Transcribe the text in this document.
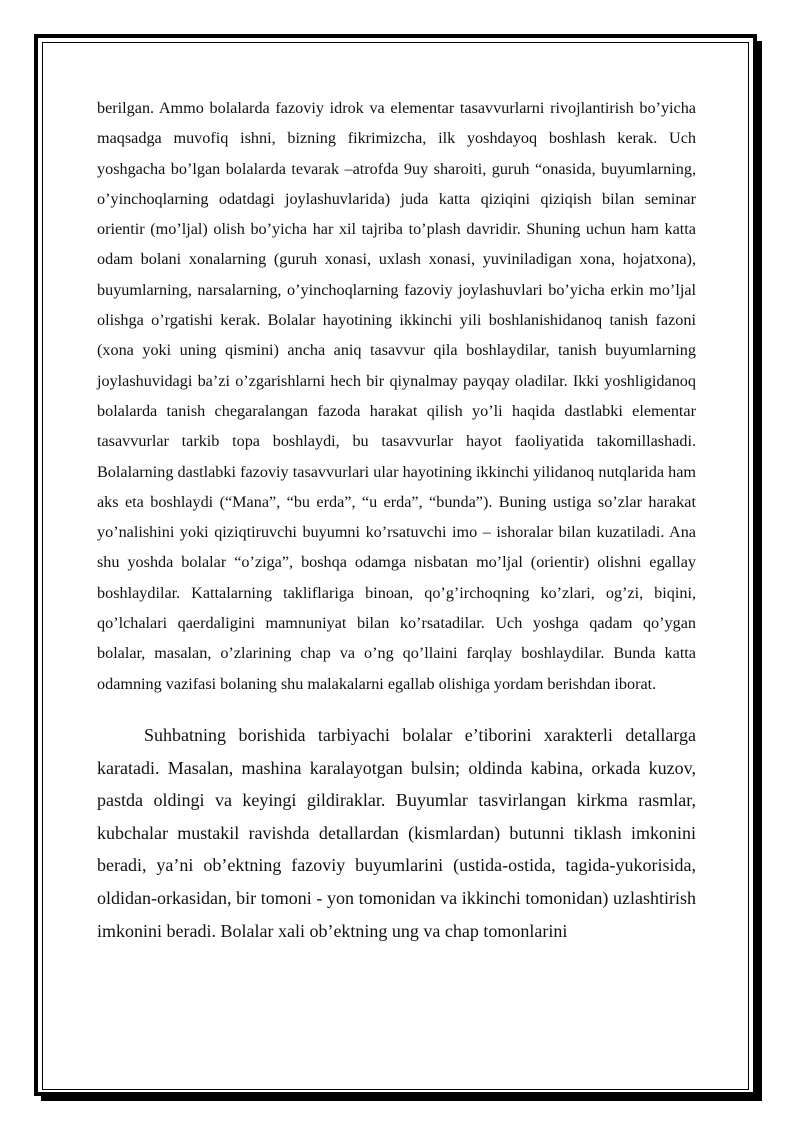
berilgan. Ammo bolalarda fazoviy idrok va elementar tasavvurlarni rivojlantirish bo’yicha maqsadga muvofiq ishni, bizning fikrimizcha, ilk yoshdayoq boshlash kerak. Uch yoshgacha bo’lgan bolalarda tevarak –atrofda 9uy sharoiti, guruh “onasida, buyumlarning, o’yinchoqlarning odatdagi joylashuvlarida) juda katta qiziqini qiziqish bilan seminar orientir (mo’ljal) olish bo’yicha har xil tajriba to’plash davridir. Shuning uchun ham katta odam bolani xonalarning (guruh xonasi, uxlash xonasi, yuviniladigan xona, hojatxona), buyumlarning, narsalarning, o’yinchoqlarning fazoviy joylashuvlari bo’yicha erkin mo’ljal olishga o’rgatishi kerak. Bolalar hayotining ikkinchi yili boshlanishidanoq tanish fazoni (xona yoki uning qismini) ancha aniq tasavvur qila boshlaydilar, tanish buyumlarning joylashuvidagi ba’zi o’zgarishlarni hech bir qiynalmay payqay oladilar. Ikki yoshligidanoq bolalarda tanish chegaralangan fazoda harakat qilish yo’li haqida dastlabki elementar tasavvurlar tarkib topa boshlaydi, bu tasavvurlar hayot faoliyatida takomillashadi. Bolalarning dastlabki fazoviy tasavvurlari ular hayotining ikkinchi yilidanoq nutqlarida ham aks eta boshlaydi (“Mana”, “bu erda”, “u erda”, “bunda”). Buning ustiga so’zlar harakat yo’nalishini yoki qiziqtiruvchi buyumni ko’rsatuvchi imo – ishoralar bilan kuzatiladi. Ana shu yoshda bolalar “o’ziga”, boshqa odamga nisbatan mo’ljal (orientir) olishni egallay boshlaydilar. Kattalarning takliflariga binoan, qo’g’irchoqning ko’zlari, og’zi, biqini, qo’lchalari qaerdaligini mamnuniyat bilan ko’rsatadilar. Uch yoshga qadam qo’ygan bolalar, masalan, o’zlarining chap va o’ng qo’llaini farqlay boshlaydilar. Bunda katta odamning vazifasi bolaning shu malakalarni egallab olishiga yordam berishdan iborat.

Suhbatning borishida tarbiyachi bolalar e’tiborini xarakterli detallarga karatadi. Masalan, mashina karalayotgan bulsin; oldinda kabina, orkada kuzov, pastda oldingi va keyingi gildiraklar. Buyumlar tasvirlangan kirkma rasmlar, kubchalar mustakil ravishda detallardan (kismlardan) butunni tiklash imkonini beradi, ya’ni ob’ektning fazoviy buyumlarini (ustida-ostida, tagida-yukorisida, oldidan-orkasidan, bir tomoni - yon tomonidan va ikkinchi tomonidan) uzlashtirish imkonini beradi. Bolalar xali ob’ektning ung va chap tomonlarini
